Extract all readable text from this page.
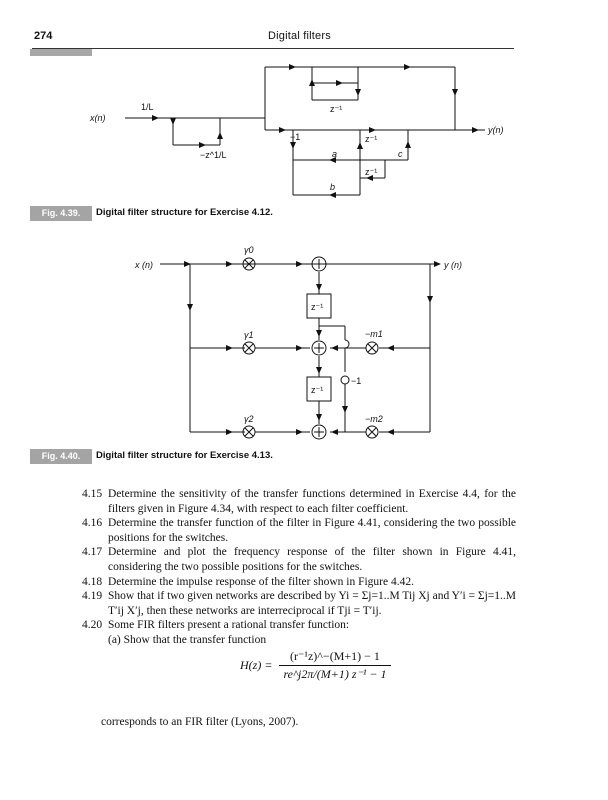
274	Digital filters
x(n)
1/L
−z^1/L
z⁻¹
−1	z⁻¹
a	c
z⁻¹
b
y(n)
Fig. 4.39.	Digital filter structure for Exercise 4.12.
x (n)	y (n)
γ0
γ1
γ2
−m1
−m2
z⁻¹
z⁻¹
−1
Fig. 4.40.	Digital filter structure for Exercise 4.13.
4.15 Determine the sensitivity of the transfer functions determined in Exercise 4.4, for the filters given in Figure 4.34, with respect to each filter coefficient.
4.16 Determine the transfer function of the filter in Figure 4.41, considering the two possible positions for the switches.
4.17 Determine and plot the frequency response of the filter shown in Figure 4.41, considering the two possible positions for the switches.
4.18 Determine the impulse response of the filter shown in Figure 4.42.
4.19 Show that if two given networks are described by Yi = Σj=1..M Tij Xj and Y′i = Σj=1..M T′ij X′j, then these networks are interreciprocal if Tji = T′ij.
4.20 Some FIR filters present a rational transfer function:
(a) Show that the transfer function
$H(z) = \frac{\text{(r⁻¹z)\textasciicircum{}−(M+1) − 1}}{\text{re\textasciicircum{}j2π/(M+1) z⁻¹ − 1}}$
corresponds to an FIR filter (Lyons, 2007).
